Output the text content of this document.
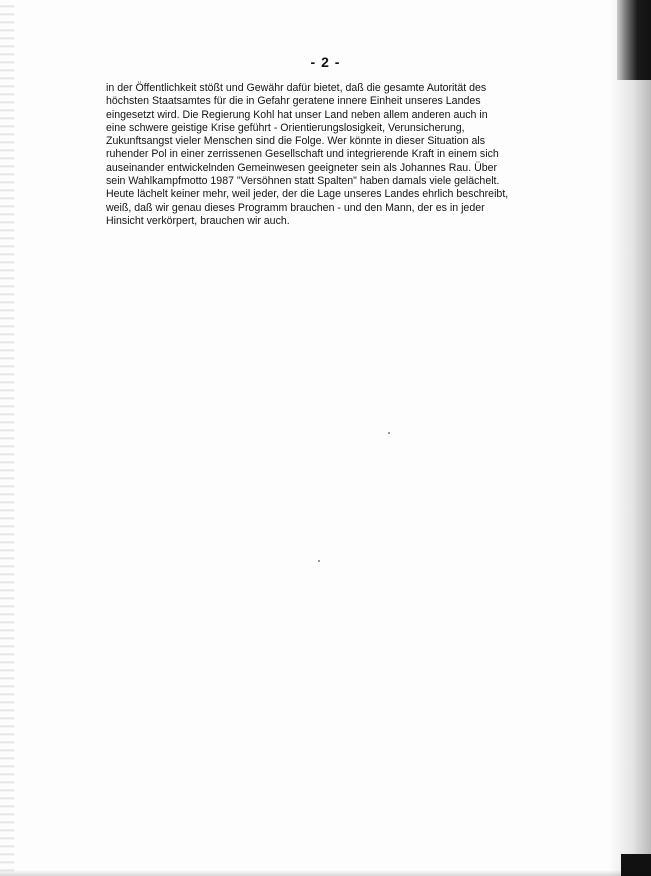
- 2 -

in der Öffentlichkeit stößt und Gewähr dafür bietet, daß die gesamte Autorität des
höchsten Staatsamtes für die in Gefahr geratene innere Einheit unseres Landes
eingesetzt wird. Die Regierung Kohl hat unser Land neben allem anderen auch in
eine schwere geistige Krise geführt - Orientierungslosigkeit, Verunsicherung,
Zukunftsangst vieler Menschen sind die Folge. Wer könnte in dieser Situation als
ruhender Pol in einer zerrissenen Gesellschaft und integrierende Kraft in einem sich
auseinander entwickelnden Gemeinwesen geeigneter sein als Johannes Rau. Über
sein Wahlkampfmotto 1987 "Versöhnen statt Spalten" haben damals viele gelächelt.
Heute lächelt keiner mehr, weil jeder, der die Lage unseres Landes ehrlich beschreibt,
weiß, daß wir genau dieses Programm brauchen - und den Mann, der es in jeder
Hinsicht verkörpert, brauchen wir auch.
